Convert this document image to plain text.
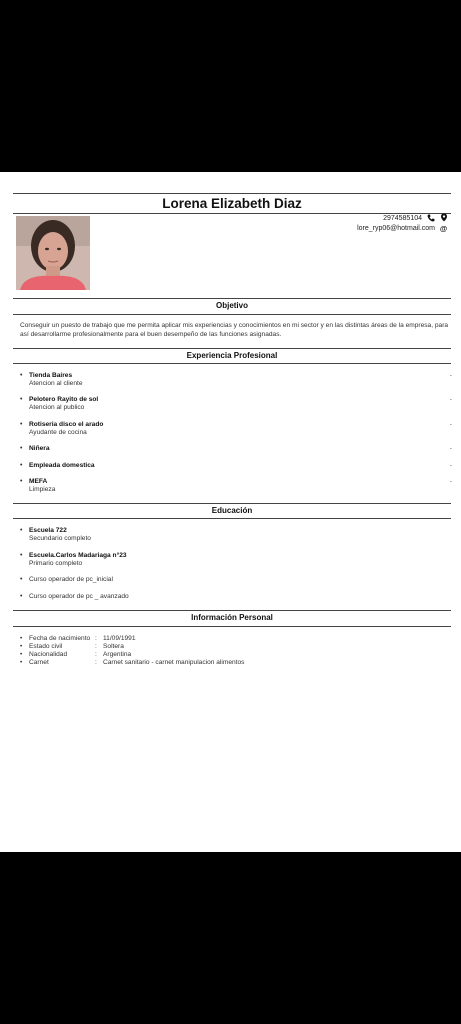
Lorena Elizabeth Diaz
2974585104
lore_ryp06@hotmail.com @
Objetivo
Conseguir un puesto de trabajo que me permita aplicar mis experiencias y conocimientos en mi sector y en las distintas áreas de la empresa, para así desarrollarme profesionalmente para el buen desempeño de las funciones asignadas.
Experiencia Profesional
• Tienda Baires
Atencion al cliente
-
• Pelotero Rayito de sol
Atencion al publico
-
• Rotiseria disco el arado
Ayudante de cocina
-
• Niñera	-
• Empleada domestica	-
• MEFA
Limpieza
-
Educación
• Escuela 722
Secundario completo
• Escuela.Carlos Madariaga n°23
Primario completo
• Curso operador de pc_inicial
• Curso operador de pc _ avanzado
Información Personal
• Fecha de nacimiento : 11/09/1991
• Estado civil	: Soltera
• Nacionalidad	: Argentina
• Carnet	: Carnet sanitario - carnet manipulacion alimentos
